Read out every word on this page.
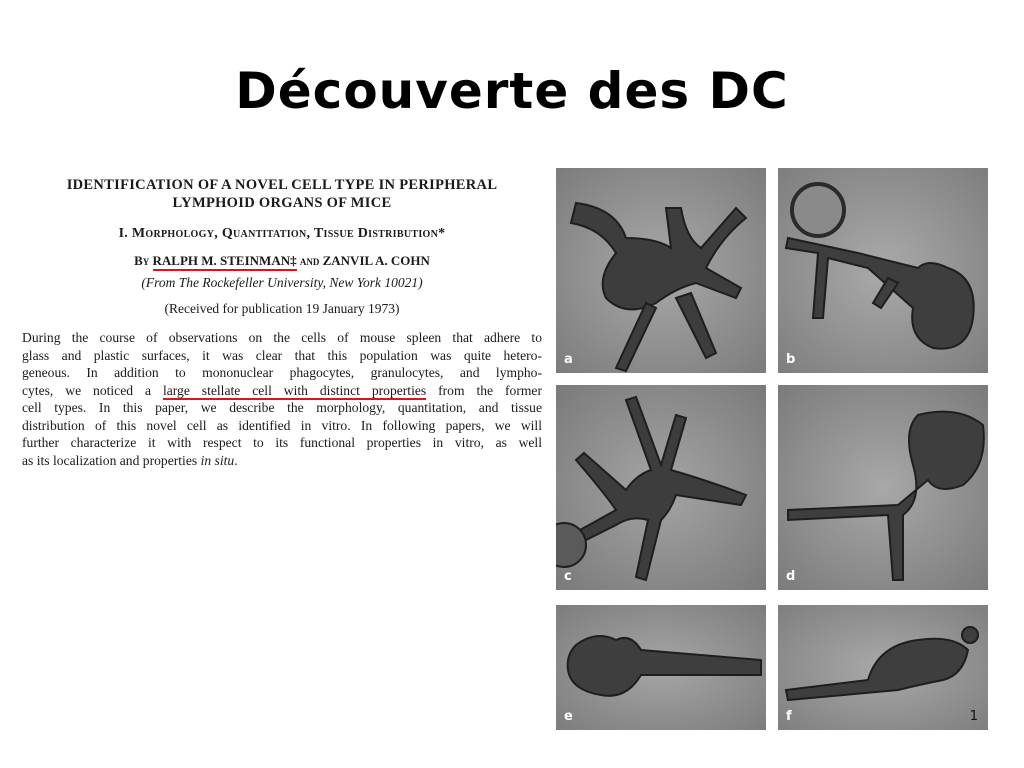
Découverte des DC
IDENTIFICATION OF A NOVEL CELL TYPE IN PERIPHERAL
LYMPHOID ORGANS OF MICE
I. Morphology, Quantitation, Tissue Distribution*
By RALPH M. STEINMAN‡ and ZANVIL A. COHN
(From The Rockefeller University, New York 10021)
(Received for publication 19 January 1973)
During the course of observations on the cells of mouse spleen that adhere to
glass and plastic surfaces, it was clear that this population was quite hetero-
geneous. In addition to mononuclear phagocytes, granulocytes, and lympho-
cytes, we noticed a large stellate cell with distinct properties from the former
cell types. In this paper, we describe the morphology, quantitation, and tissue
distribution of this novel cell as identified in vitro. In following papers, we will
further characterize it with respect to its functional properties in vitro, as well
as its localization and properties in situ.
a	b
c	d
e	f	1
